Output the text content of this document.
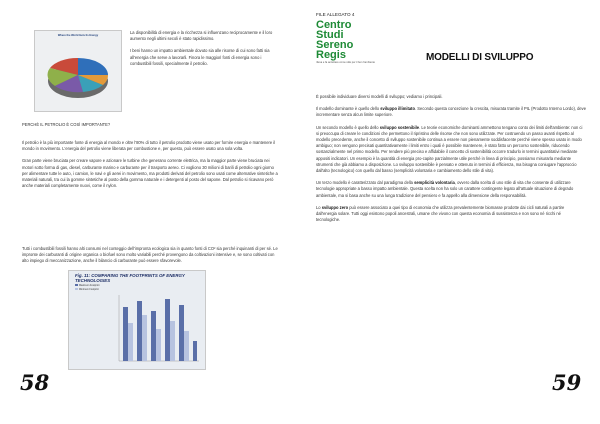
Where the World Gets Its Energy

La disponibilità di energia e la ricchezza si influenzano reciprocamente e il loro aumento negli ultimi secoli è stato rapidissimo.

I beni hanno un impatto ambientale dovuto sia alle risorse di cui sono fatti sia all'energia che serve a lavorarli. Finora le maggiori fonti di energia sono i combustibili fossili, specialmente il petrolio.

PERCHÈ IL PETROLIO È COSÌ IMPORTANTE?

Il petrolio è la più importante fonte di energia al mondo e oltre l'80% di tutto il petrolio prodotto viene usato per fornire energia e mantenere il mondo in movimento. L'energia del petrolio viene liberata per combustione e, per questo, può essere usato una sola volta.

Gran parte viene bruciata per creare vapore e azionare le turbine che generano corrente elettrica, ma la maggior parte viene bruciata nei motori sotto forma di gas, diesel, carburante marino e carburante per il trasporto aereo. Ci vogliono 30 milioni di barili di petrolio ogni giorno per alimentare tutte le auto, i camion, le navi e gli aerei in movimento, ma prodotti derivati del petrolio sono usati come alternative sintetiche a materiali naturali, tra cui la gomme sintetiche al posto della gomma naturale e i detergenti al posto del sapone. Dal petrolio si ricavano però anche materiali completamente nuovi, come il nylon.

Tutti i combustibili fossili hanno alti consumi nel conteggio dell'impronta ecologica sia in quanto fonti di CO² sia perché inquinanti di per sé. Le impronte dei carburanti di origine organica o biofuel sono molto variabili perché provengono da coltivazioni intensive e, se sono coltivati con alto impiego di meccanizzazione, anche il bilancio di carburante può essere sfavorevole.
Fig. 11: COMPARING THE FOOTPRINTS OF ENERGY TECHNOLOGIES
Maximum Footprint
Minimum Footprint
58
FILE ALLEGATO 4
Centro
Studi
Sereno
Regis
rileva e fa accettare come stile per il ben l'ambiente	MODELLI DI SVILUPPO

È possibile individuare diversi modelli di sviluppo; vediamo i principali.

Il modello dominante è quello dello sviluppo illimitato. Secondo questa concezione la crescita, misurata tramite il PIL (Prodotto Interno Lordo), deve incrementare senza alcun limite superiore.

Un secondo modello è quello dello sviluppo sostenibile. Le teorie economiche dominanti ammettono tengano conto dei limiti dell'ambiente: non ci si preoccupa di creare le condizioni che permettono il ripristino delle risorse che non sono utilizzate. Per costruendo un passo avanti rispetto al modello precedente, anche il concetto di sviluppo sostenibile continua a essere non pienamente soddisfacente perché viene spesso usato in modo ambiguo; non vengono precisati quantitativamente i limiti entro i quali è possibile mantenere, è stato fatto un percorso sostenibile, riducendo sostanzialmente nel primo modello. Per rendere più preciso e affidabile il concetto di sostenibilità occorre tradurlo in termini quantitativi mediante appositi indicatori. Un esempio è la quantità di energia pro-capite parzialmente utile perché in linea di principio, possiamo misurarla mediante strumenti che già abbiamo a disposizione. Lo sviluppo sostenibile è pensato e ottenuto in termini di efficienza, ma bisogna coniugare l'approccio dall'alto (tecnologico) con quello dal basso (semplicità volontaria e cambiamento dello stile di vita).

Un terzo modello è caratterizzato dal paradigma della semplicità volontaria, ovvero dalla scelta di uno stile di vita che consente di utilizzare tecnologie appropriate a basso impatto ambientale. Questa scelta non ha solo un carattere contingente legato all'attuale situazione di degrado ambientale, ma si basa anche su una lunga tradizione del pensiero e fa appello alla dimensione della responsabilità.

Lo sviluppo zero può essere associato a quei tipo di economia che utilizza prevalentemente biomasse prodotte dai cicli naturali a partire dall'energia solare. Tutti oggi esistono popoli ancestrali, umane che vivono con questa economia di sussistenza e non sono né ricchi né tecnologiche.

59
